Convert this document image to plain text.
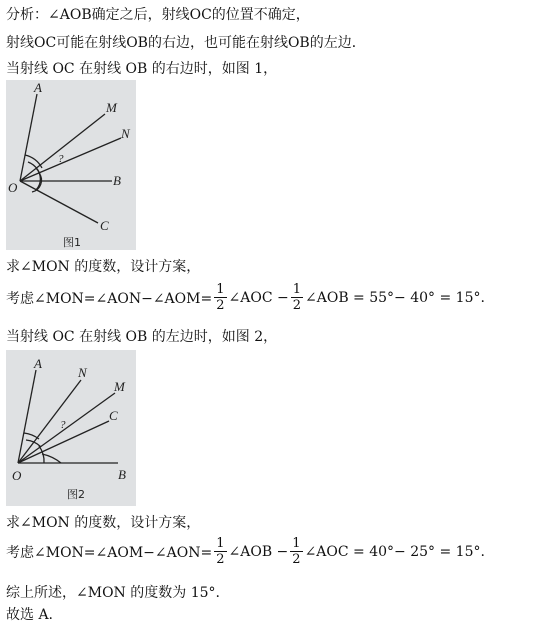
分析：∠AOB确定之后，射线OC的位置不确定，
射线OC可能在射线OB的右边，也可能在射线OB的左边．
当射线 OC 在射线 OB 的右边时，如图 1，
A
M
N
O	B
C
?
图1
求∠MON 的度数，设计方案，
考虑∠MON=∠AON−∠AOM= $\frac{1}{2}$ ∠AOC − $\frac{1}{2}$ ∠AOB = 55°− 40° = 15°.
当射线 OC 在射线 OB 的左边时，如图 2，
A
N
M
C
O	B
?
图2
求∠MON 的度数，设计方案，
考虑∠MON=∠AOM−∠AON= $\frac{1}{2}$ ∠AOB − $\frac{1}{2}$ ∠AOC = 40°− 25° = 15°.
综上所述，∠MON 的度数为 15°.
故选 A.
